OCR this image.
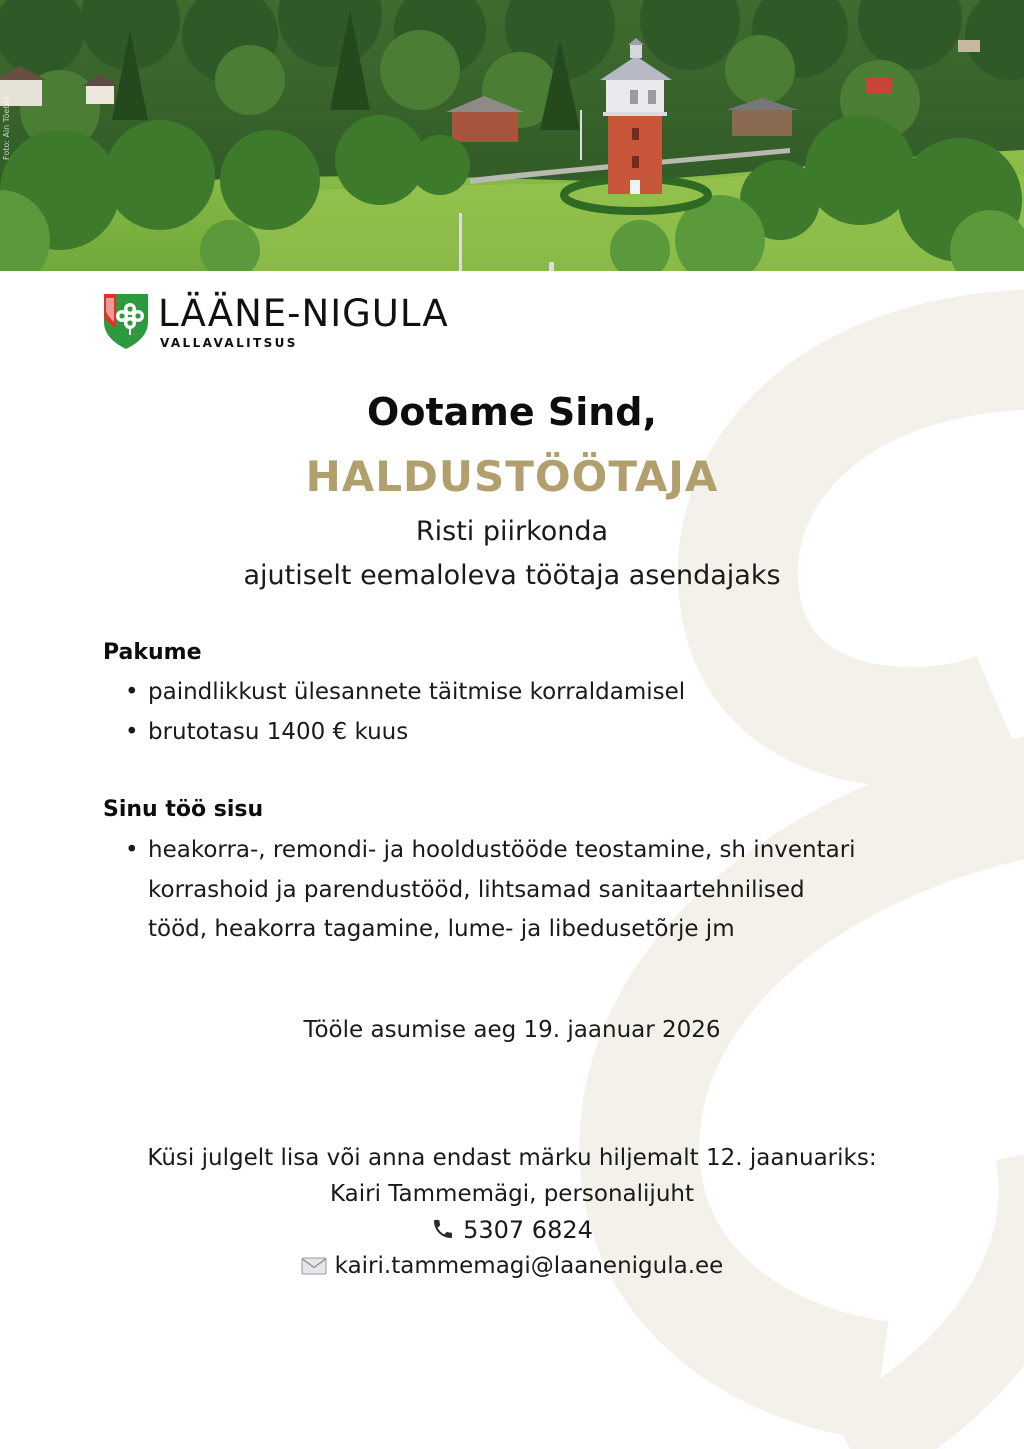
Foto: Ain Tõebla
LÄÄNE-NIGULA
VALLAVALITSUS
Ootame Sind,
HALDUSTÖÖTAJA
Risti piirkonda
ajutiselt eemaloleva töötaja asendajaks
Pakume
• paindlikkust ülesannete täitmise korraldamisel
• brutotasu 1400 € kuus
Sinu töö sisu
• heakorra-, remondi- ja hooldustööde teostamine, sh inventari korrashoid ja parendustööd, lihtsamad sanitaartehnilised tööd, heakorra tagamine, lume- ja libedusetõrje jm
Tööle asumise aeg 19. jaanuar 2026
Küsi julgelt lisa või anna endast märku hiljemalt 12. jaanuariks:
Kairi Tammemägi, personalijuht
5307 6824
kairi.tammemagi@laanenigula.ee
